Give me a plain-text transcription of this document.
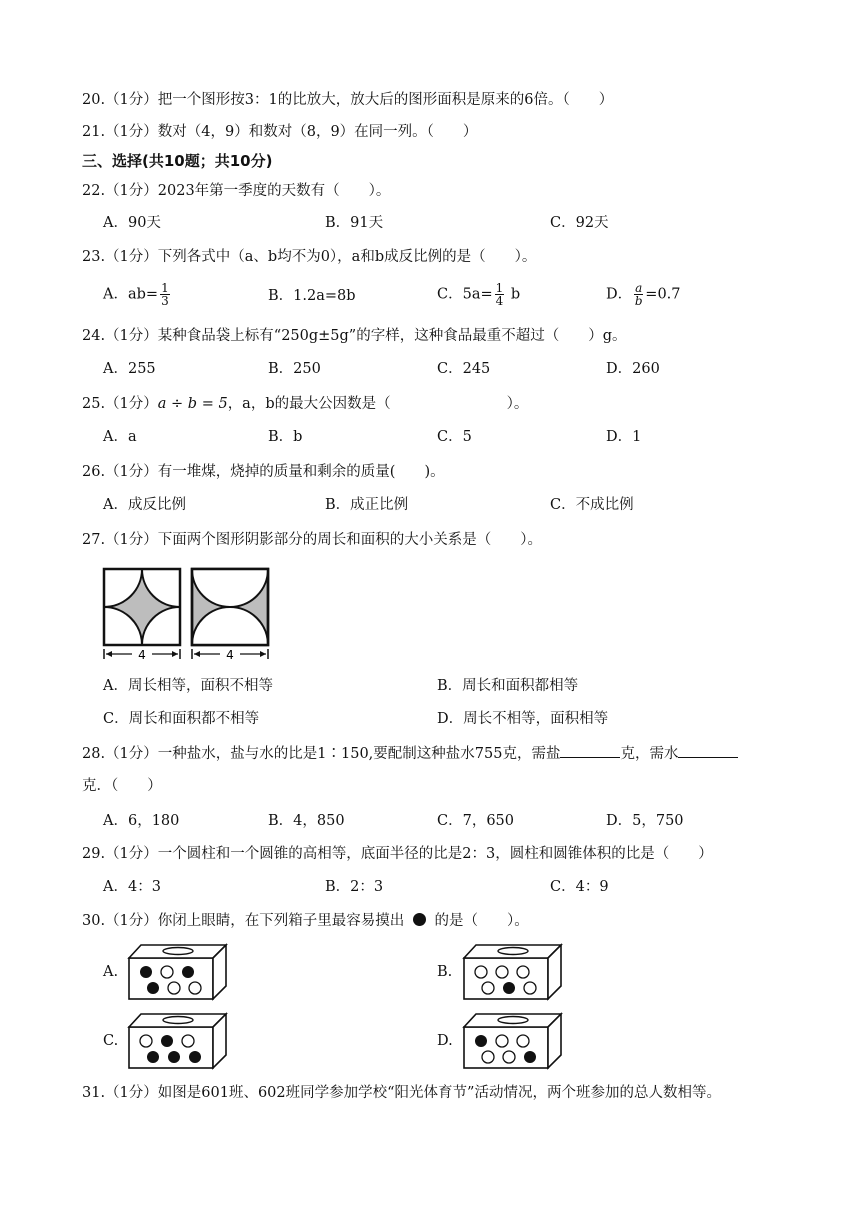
20.（1分）把一个图形按3：1的比放大，放大后的图形面积是原来的6倍。（　　）
21.（1分）数对（4，9）和数对（8，9）在同一列。（　　）
三、选择(共10题；共10分)
22.（1分）2023年第一季度的天数有（　　）。
A．90天	B．91天	C．92天
23.（1分）下列各式中（a、b均不为0），a和b成反比例的是（　　）。
A．$ab= \frac{1}{3}$	B．1.2a=8b	C．$5a= \frac{1}{4}$ b	D． $\frac{a}{b} =0.7$
24.（1分）某种食品袋上标有“250g±5g”的字样，这种食品最重不超过（　　）g。
A．255	B．250	C．245	D．260
25.（1分）a ÷ b = 5，a，b的最大公因数是（　　　　　　　　）。
A．a	B．b	C．5	D．1
26.（1分）有一堆煤，烧掉的质量和剩余的质量(　　)。
A．成反比例	B．成正比例	C．不成比例
27.（1分）下面两个图形阴影部分的周长和面积的大小关系是（　　）。
4	4
A．周长相等，面积不相等	B．周长和面积都相等
C．周长和面积都不相等	D．周长不相等，面积相等
28.（1分）一种盐水，盐与水的比是1∶150,要配制这种盐水755克，需盐	克，需水
克．（　　）
A．6，180	B．4，850	C．7，650	D．5，750
29.（1分）一个圆柱和一个圆锥的高相等，底面半径的比是2：3，圆柱和圆锥体积的比是（　　）
A．4：3	B．2：3	C．4：9
30.（1分）你闭上眼睛，在下列箱子里最容易摸出 的是（　　）。
A.	B.
C.	D.
31.（1分）如图是601班、602班同学参加学校“阳光体育节”活动情况，两个班参加的总人数相等。
